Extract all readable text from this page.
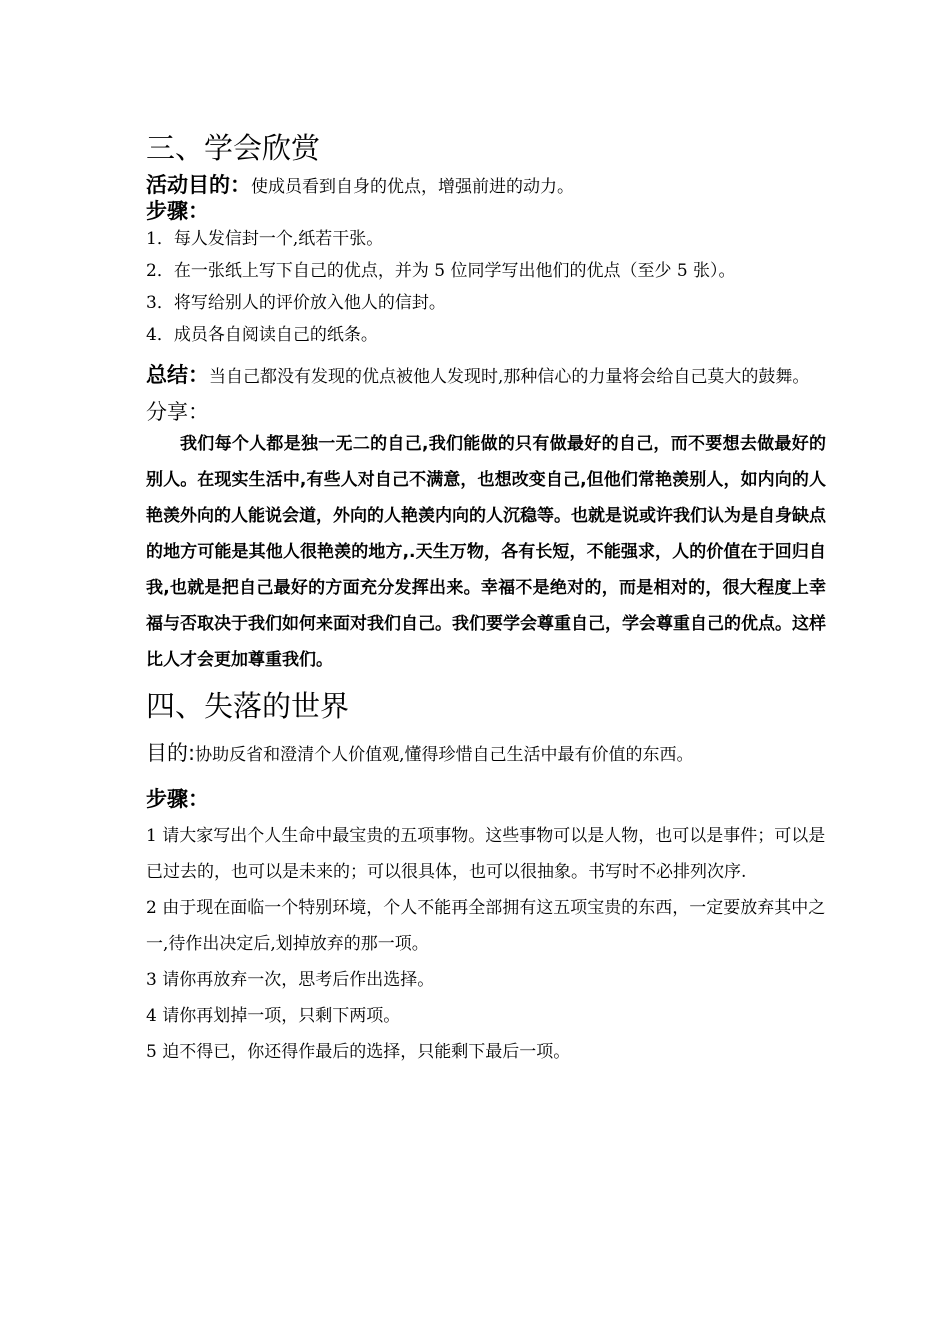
三、学会欣赏

活动目的：使成员看到自身的优点，增强前进的动力。

步骤：

1．每人发信封一个,纸若干张。

2．在一张纸上写下自己的优点，并为 5 位同学写出他们的优点（至少 5 张）。

3．将写给别人的评价放入他人的信封。

4．成员各自阅读自己的纸条。

总结：当自己都没有发现的优点被他人发现时,那种信心的力量将会给自己莫大的鼓舞。

分享：

我们每个人都是独一无二的自己,我们能做的只有做最好的自己，而不要想去做最好的别人。在现实生活中,有些人对自己不满意，也想改变自己,但他们常艳羡别人，如内向的人艳羡外向的人能说会道，外向的人艳羡内向的人沉稳等。也就是说或许我们认为是自身缺点的地方可能是其他人很艳羡的地方,.天生万物，各有长短，不能强求，人的价值在于回归自我,也就是把自己最好的方面充分发挥出来。幸福不是绝对的，而是相对的，很大程度上幸福与否取决于我们如何来面对我们自己。我们要学会尊重自己，学会尊重自己的优点。这样比人才会更加尊重我们。

四、失落的世界

目的:协助反省和澄清个人价值观,懂得珍惜自己生活中最有价值的东西。

步骤：

1 请大家写出个人生命中最宝贵的五项事物。这些事物可以是人物，也可以是事件；可以是已过去的，也可以是未来的；可以很具体，也可以很抽象。书写时不必排列次序.

2 由于现在面临一个特别环境，个人不能再全部拥有这五项宝贵的东西，一定要放弃其中之一,待作出决定后,划掉放弃的那一项。

3 请你再放弃一次，思考后作出选择。

4 请你再划掉一项，只剩下两项。

5 迫不得已，你还得作最后的选择，只能剩下最后一项。
